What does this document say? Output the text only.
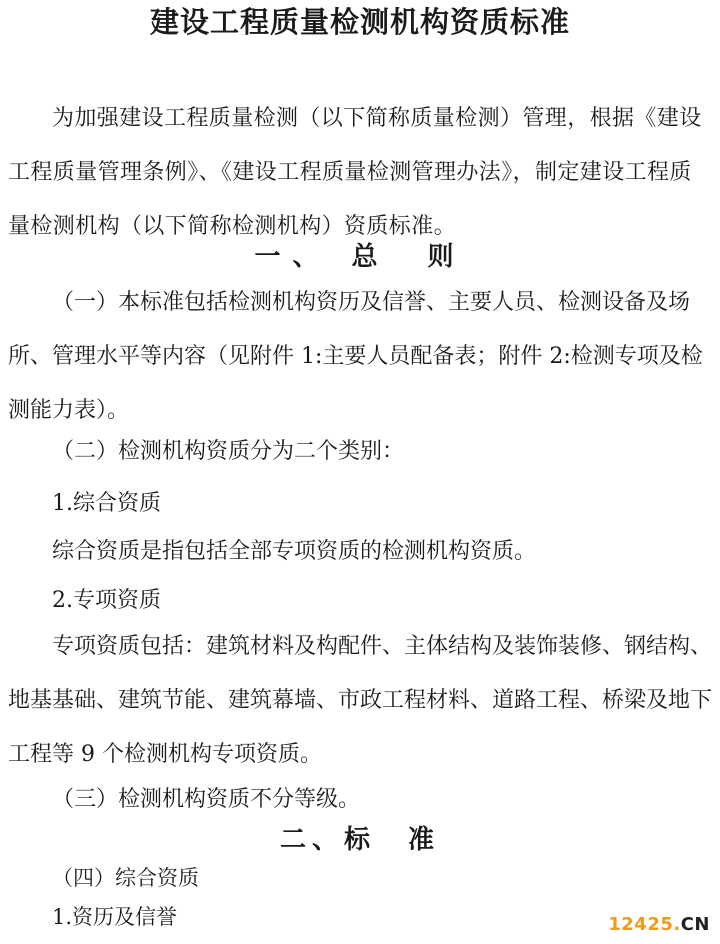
建设工程质量检测机构资质标准

为加强建设工程质量检测（以下简称质量检测）管理，根据《建设工程质量管理条例》、《建设工程质量检测管理办法》，制定建设工程质量检测机构（以下简称检测机构）资质标准。

一、 总　则

（一）本标准包括检测机构资历及信誉、主要人员、检测设备及场所、管理水平等内容（见附件 1:主要人员配备表；附件 2:检测专项及检测能力表）。

（二）检测机构资质分为二个类别：

1.综合资质

综合资质是指包括全部专项资质的检测机构资质。

2.专项资质

专项资质包括：建筑材料及构配件、主体结构及装饰装修、钢结构、地基基础、建筑节能、建筑幕墙、市政工程材料、道路工程、桥梁及地下工程等 9 个检测机构专项资质。

（三）检测机构资质不分等级。

二、标　准

（四）综合资质

1.资历及信誉	12425.CN
